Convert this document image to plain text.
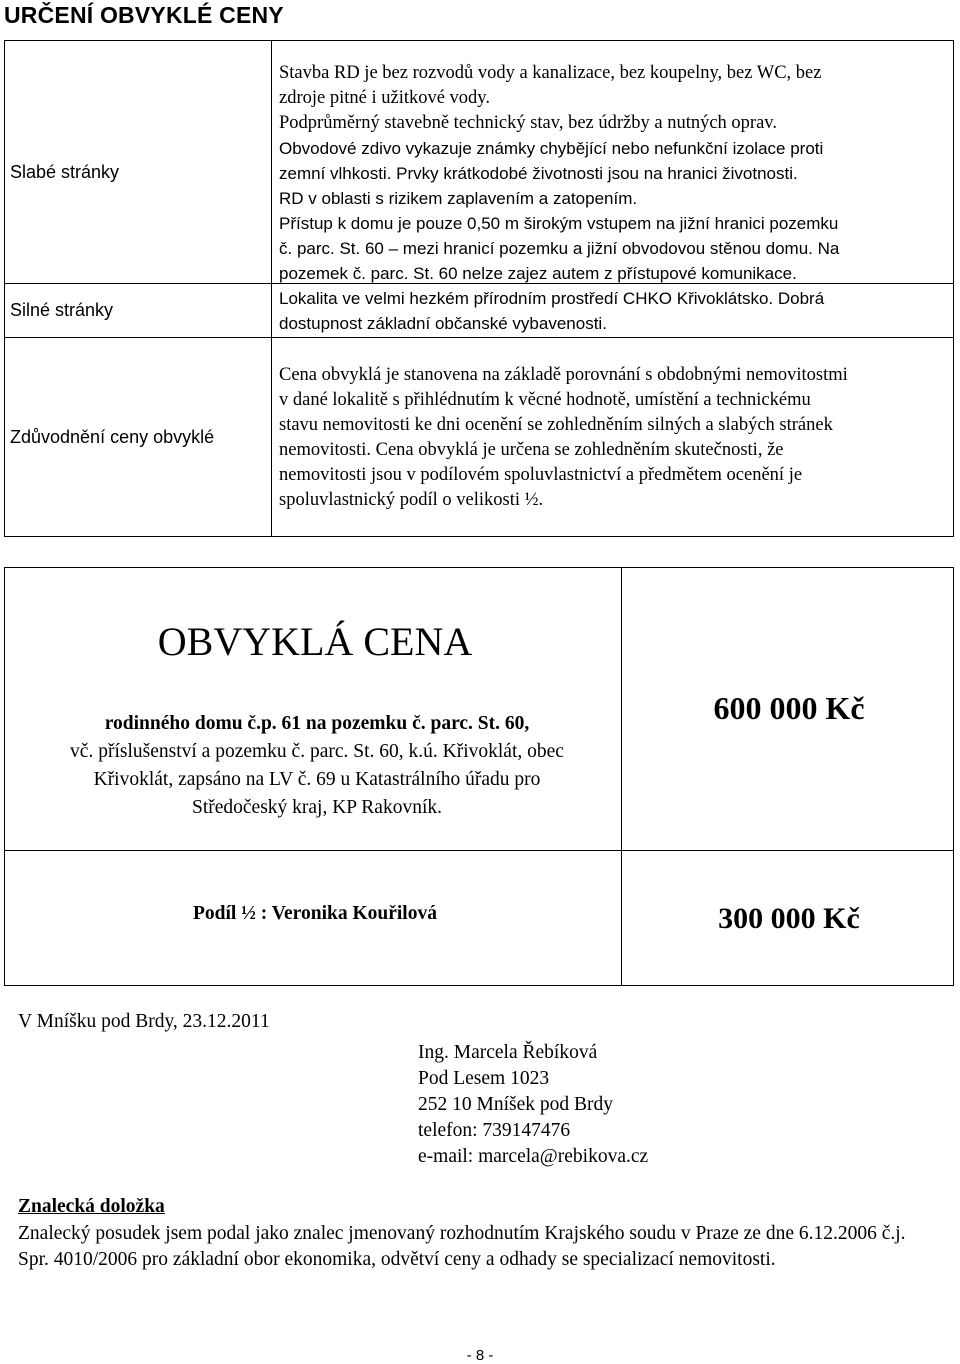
URČENÍ OBVYKLÉ CENY
Slabé stránky

Stavba RD je bez rozvodů vody a kanalizace, bez koupelny, bez WC, bez

zdroje pitné i užitkové vody.

Podprůměrný stavebně technický stav, bez údržby a nutných oprav.

Obvodové zdivo vykazuje známky chybějící nebo nefunkční izolace proti

zemní vlhkosti. Prvky krátkodobé životnosti jsou na hranici životnosti.

RD v oblasti s rizikem zaplavením a zatopením.

Přístup k domu je pouze 0,50 m širokým vstupem na jižní hranici pozemku

č. parc. St. 60 – mezi hranicí pozemku a jižní obvodovou stěnou domu. Na

pozemek č. parc. St. 60 nelze zajez autem z přístupové komunikace.

Silné stránky

Lokalita ve velmi hezkém přírodním prostředí CHKO Křivoklátsko. Dobrá

dostupnost základní občanské vybavenosti.

Zdůvodnění ceny obvyklé

Cena obvyklá je stanovena na základě porovnání s obdobnými nemovitostmi

v dané lokalitě s přihlédnutím k věcné hodnotě, umístění a technickému

stavu nemovitosti ke dni ocenění se zohledněním silných a slabých stránek

nemovitosti. Cena obvyklá je určena se zohledněním skutečnosti, že

nemovitosti jsou v podílovém spoluvlastnictví a předmětem ocenění je

spoluvlastnický podíl o velikosti ½.

OBVYKLÁ CENA
rodinného domu č.p. 61 na pozemku č. parc. St. 60,
vč. příslušenství a pozemku č. parc. St. 60, k.ú. Křivoklát, obec
Křivoklát, zapsáno na LV č. 69 u Katastrálního úřadu pro
Středočeský kraj, KP Rakovník.
600 000 Kč
Podíl ½ : Veronika Kouřilová	300 000 Kč
V Mníšku pod Brdy, 23.12.2011
Ing. Marcela Řebíková
Pod Lesem 1023
252 10 Mníšek pod Brdy
telefon: 739147476
e-mail: marcela@rebikova.cz
Znalecká doložka
Znalecký posudek jsem podal jako znalec jmenovaný rozhodnutím Krajského soudu v Praze ze dne 6.12.2006 č.j. Spr. 4010/2006 pro základní obor ekonomika, odvětví ceny a odhady se specializací nemovitosti.
- 8 -
